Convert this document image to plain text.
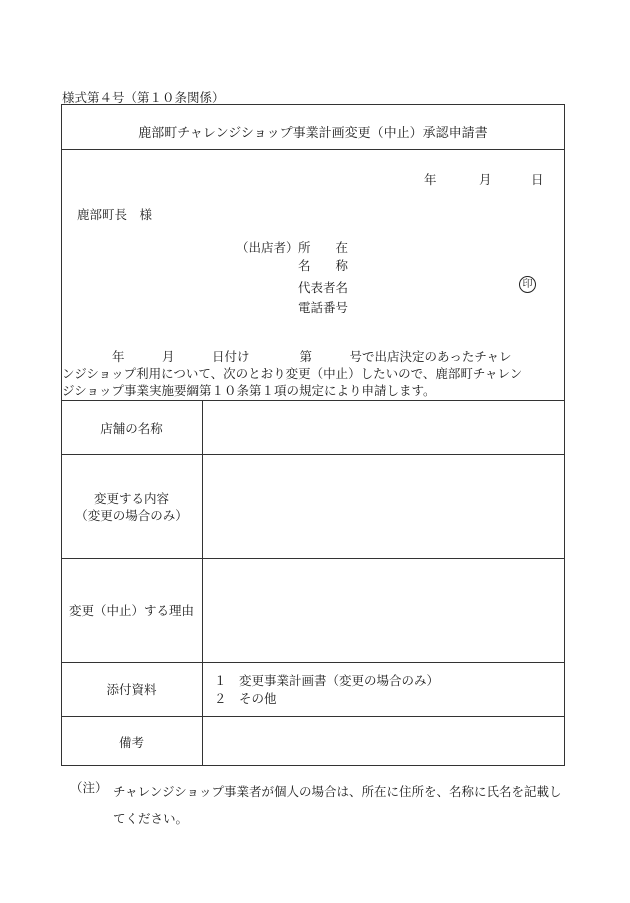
様式第４号（第１０条関係）
鹿部町チャレンジショップ事業計画変更（中止）承認申請書
年	月	日
鹿部町長　様
（出店者） 所　　在
名　　称
代表者名
電話番号
印
　　　　年　　　月　　　日付け　　　　第　　　号で出店決定のあったチャレ
ンジショップ利用について、次のとおり変更（中止）したいので、鹿部町チャレン
ジショップ事業実施要綱第１０条第１項の規定により申請します。
店舗の名称
変更する内容
（変更の場合のみ）
変更（中止）する理由
添付資料
備考
１　変更事業計画書（変更の場合のみ）
２　その他
（注） チャレンジショップ事業者が個人の場合は、所在に住所を、名称に氏名を記載してください。
